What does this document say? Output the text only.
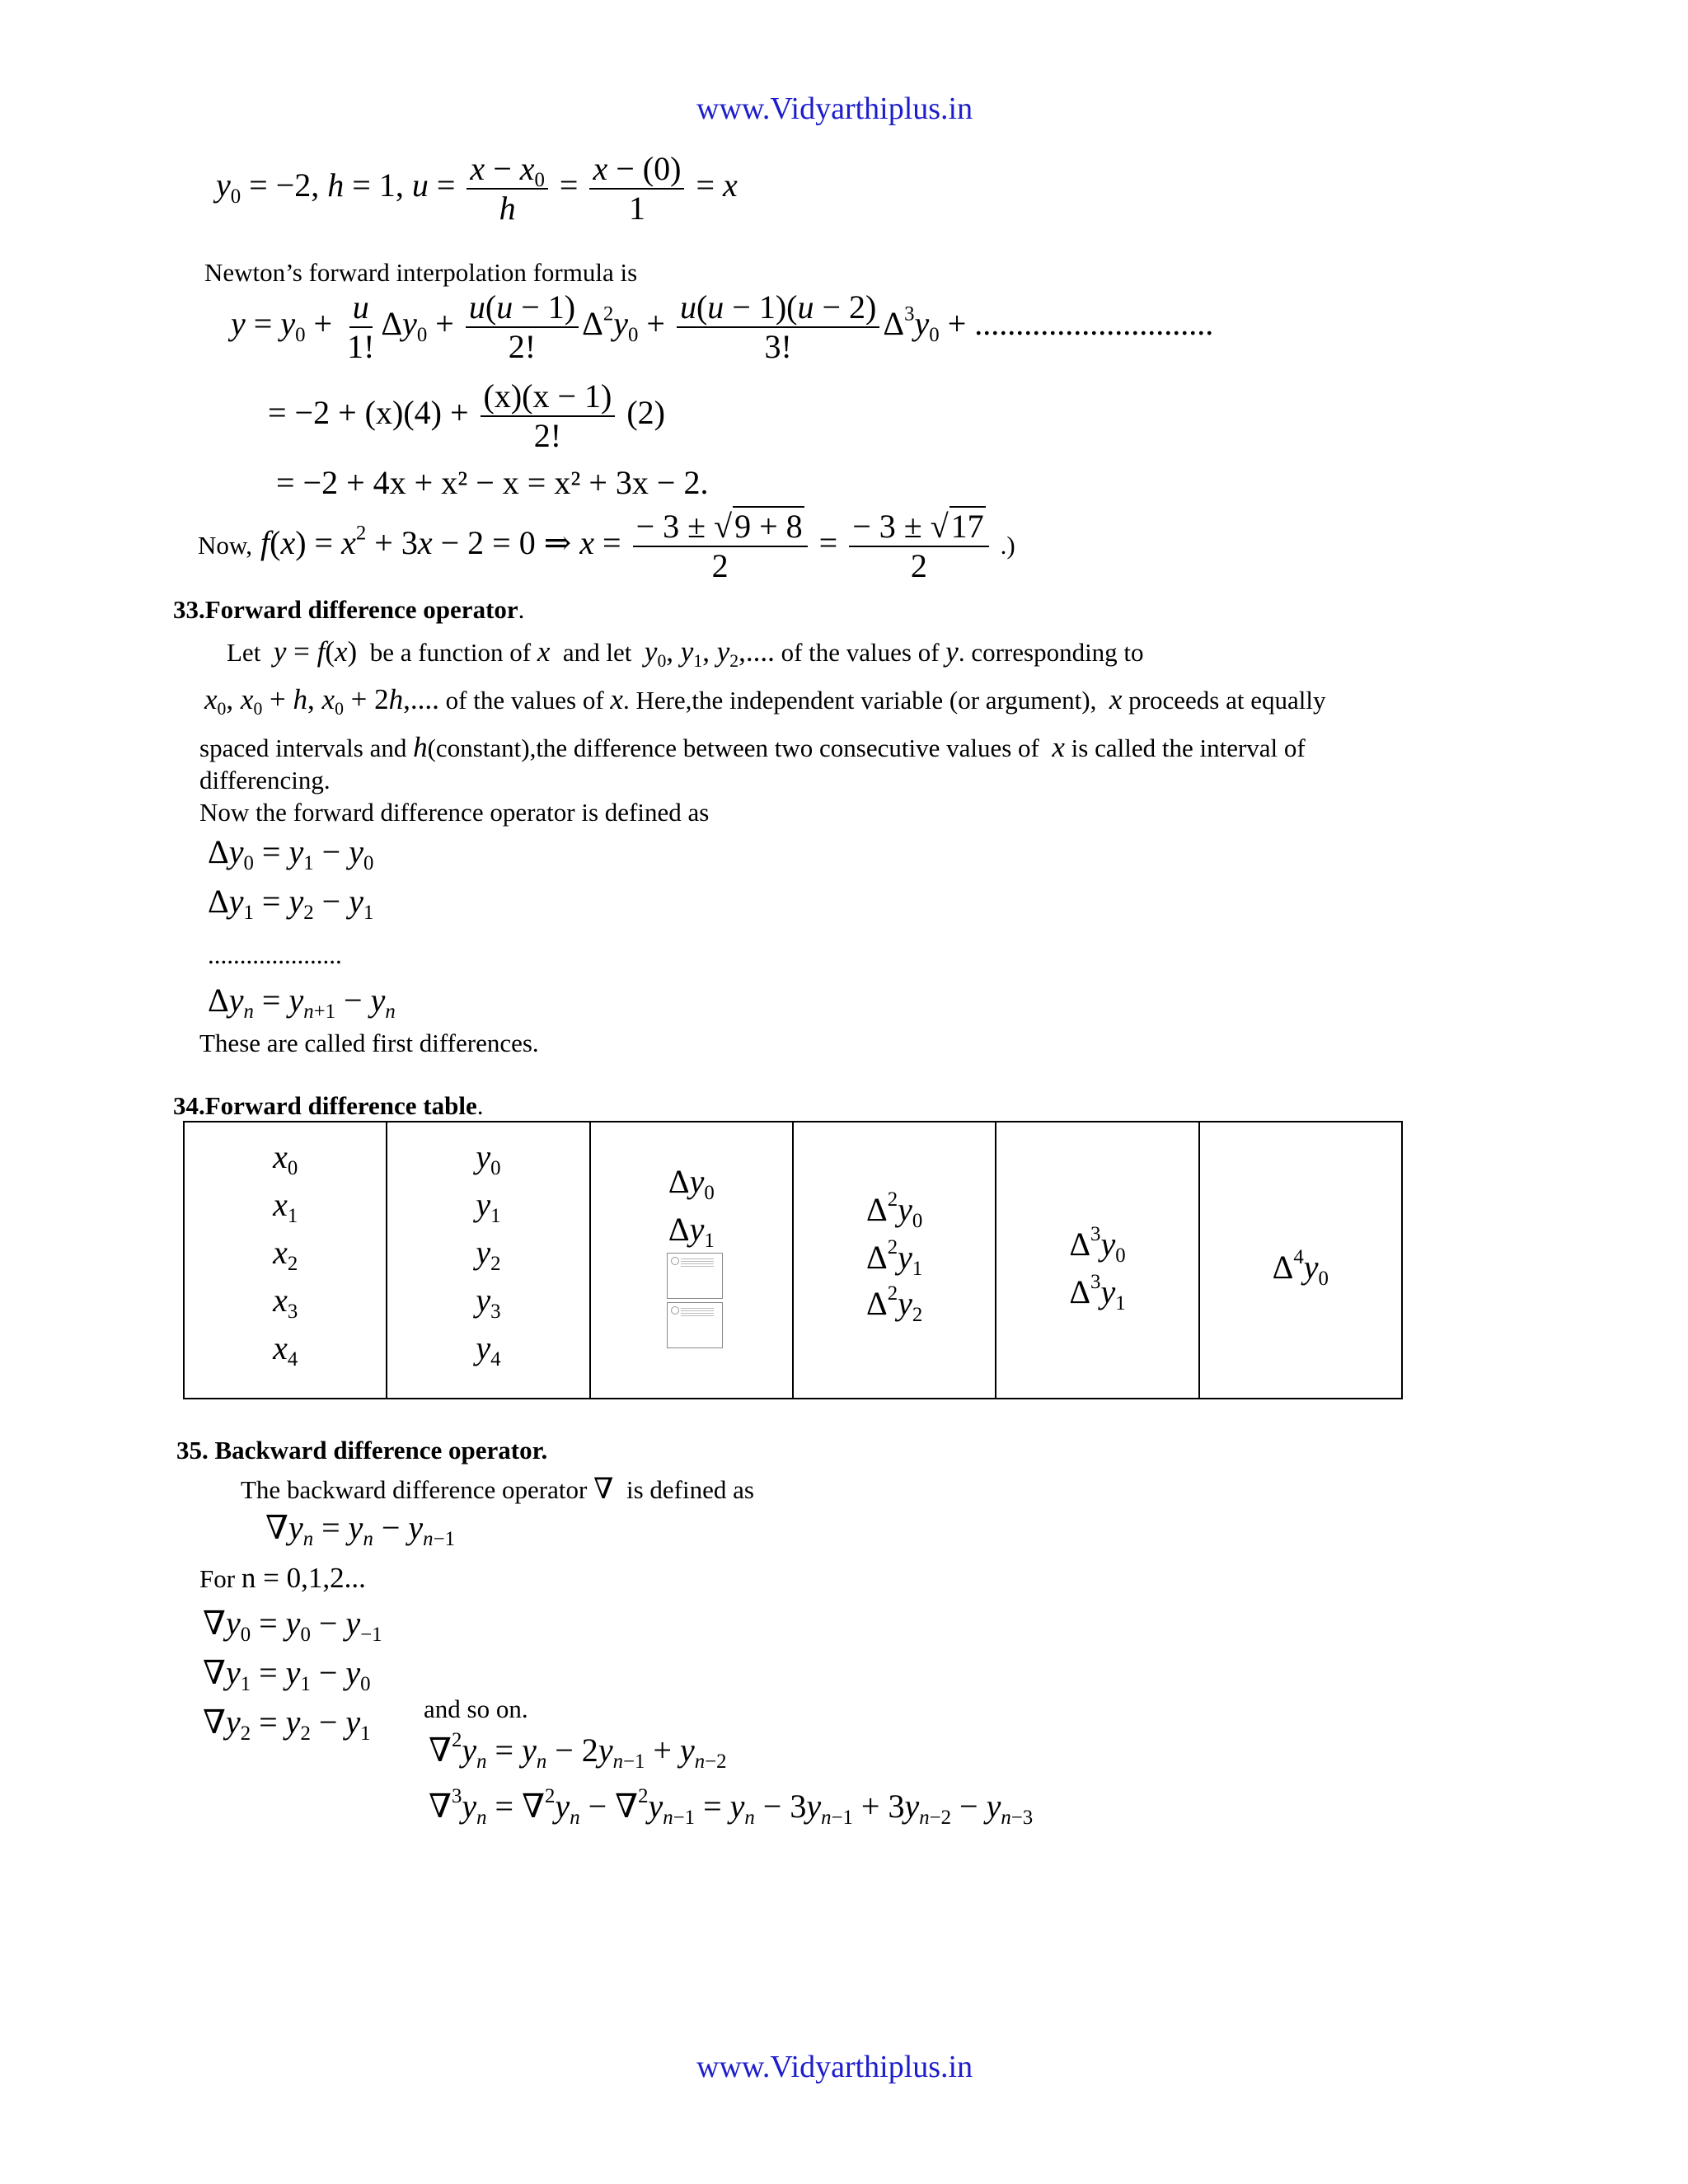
www.Vidyarthiplus.in
$y_0 = -2$, h = 1, $u = \frac{x - x_0}{h} = \frac{x - (0)}{1} = x$
Newton’s forward interpolation formula is
$y = y_0 + \frac{u}{1!} \Delta y_0 + \frac{u(u - 1)}{2!} \Delta^2y_0 + \frac{u(u - 1)(u - 2)}{3!} \Delta^3y_0$ + .............................
= $-2 + (x)(4) + \frac{(x)(x - 1)}{2!} (2)$
= −2 + 4x + x² − x = x² + 3x − 2.
Now, $f(x) = x^2 + 3x - 2 = 0$ ⇒ $x = \frac{- 3 \pm √9 + 8}{2} = \frac{- 3 \pm √17}{2}$ .)
33.Forward difference operator.
Let y = f(x) be a function of x and let $y_0$, $y_1$, $y_2$,.... of the values of y. corresponding to
$x_0$, $x_0 + h$, $x_0 + 2h$,.... of the values of x. Here,the independent variable (or argument), x proceeds at equally
spaced intervals and h(constant),the difference between two consecutive values of x is called the interval of
differencing.
Now the forward difference operator is defined as
$\Delta y_0 = y_1 - y_0$
$\Delta y_1 = y_2 - y_1$
.....................
$\Delta y_n = y_{n+1} - y_n$
These are called first differences.
34.Forward difference table.
$x_0$
$x_1$
$x_2$
$x_3$
$x_4$
$y_0$
$y_1$
$y_2$
$y_3$
$y_4$
$\Delta y_0$
$\Delta y_1$
$\Delta^2y_0$
$\Delta^2y_1$
$\Delta^2y_2$
$\Delta^3y_0$
$\Delta^3y_1$
$\Delta^4y_0$
35. Backward difference operator.
The backward difference operator ∇ is defined as
$\nabla y_n = y_n - y_{n-1}$
For n = 0,1,2...
$\nabla y_0 = y_0 - y_{-1}$
$\nabla y_1 = y_1 - y_0$
$\nabla y_2 = y_2 - y_1$
and so on.
$\nabla^2y_n = y_n - 2y_{n-1} + y_{n-2}$
$\nabla^3y_n = \nabla^2y_n - \nabla^2y_{n-1} = y_n - 3y_{n-1} + 3y_{n-2} - y_{n-3}$
www.Vidyarthiplus.in
